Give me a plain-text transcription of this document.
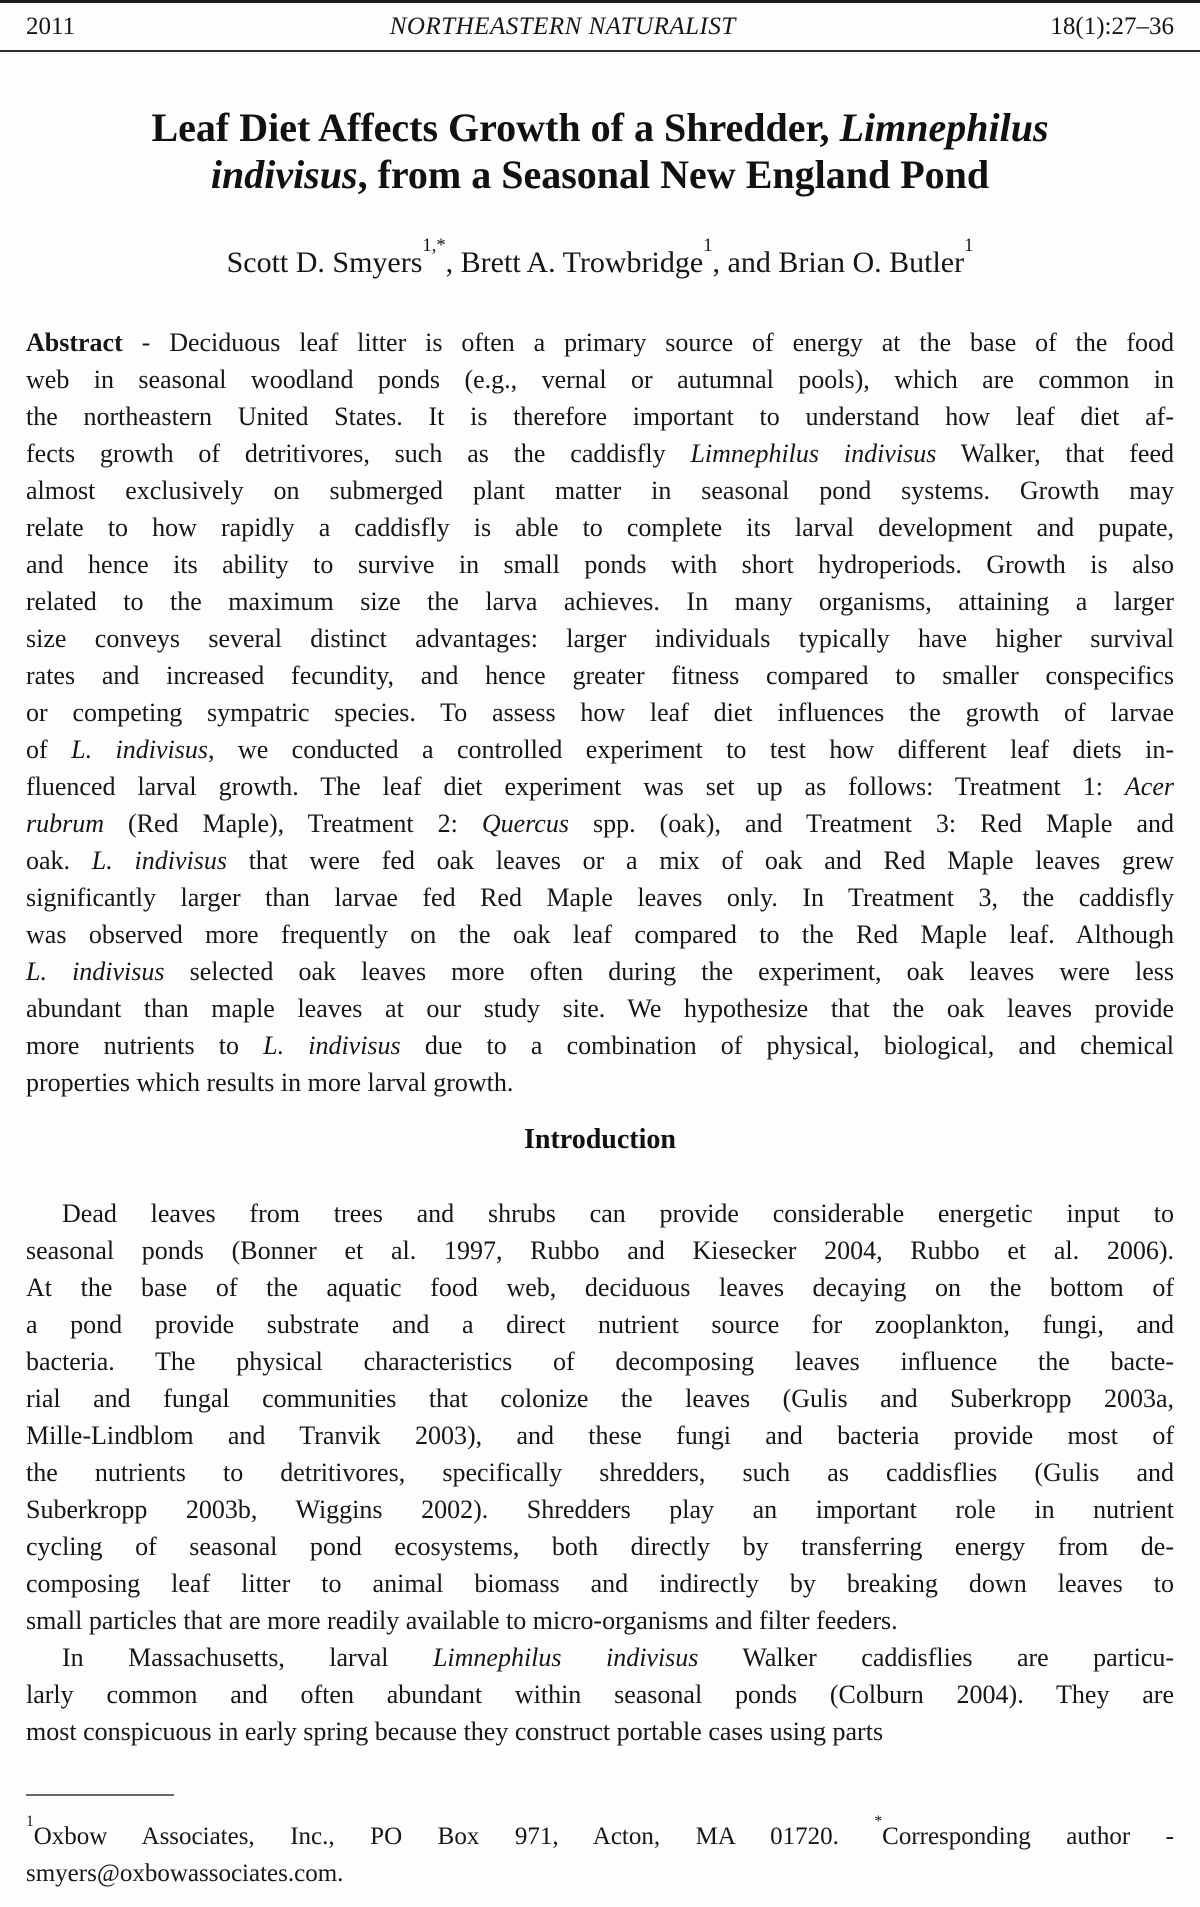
2011	NORTHEASTERN NATURALIST	18(1):27–36
Leaf Diet Affects Growth of a Shredder, Limnephilus
indivisus, from a Seasonal New England Pond
Scott D. Smyers$^{1,*}$, Brett A. Trowbridge$^1$, and Brian O. Butler$^1$
Abstract - Deciduous leaf litter is often a primary source of energy at the base of the food
web in seasonal woodland ponds (e.g., vernal or autumnal pools), which are common in
the northeastern United States. It is therefore important to understand how leaf diet af-
fects growth of detritivores, such as the caddisfly Limnephilus indivisus Walker, that feed
almost exclusively on submerged plant matter in seasonal pond systems. Growth may
relate to how rapidly a caddisfly is able to complete its larval development and pupate,
and hence its ability to survive in small ponds with short hydroperiods. Growth is also
related to the maximum size the larva achieves. In many organisms, attaining a larger
size conveys several distinct advantages: larger individuals typically have higher survival
rates and increased fecundity, and hence greater fitness compared to smaller conspecifics
or competing sympatric species. To assess how leaf diet influences the growth of larvae
of L. indivisus, we conducted a controlled experiment to test how different leaf diets in-
fluenced larval growth. The leaf diet experiment was set up as follows: Treatment 1: Acer
rubrum (Red Maple), Treatment 2: Quercus spp. (oak), and Treatment 3: Red Maple and
oak. L. indivisus that were fed oak leaves or a mix of oak and Red Maple leaves grew
significantly larger than larvae fed Red Maple leaves only. In Treatment 3, the caddisfly
was observed more frequently on the oak leaf compared to the Red Maple leaf. Although
L. indivisus selected oak leaves more often during the experiment, oak leaves were less
abundant than maple leaves at our study site. We hypothesize that the oak leaves provide
more nutrients to L. indivisus due to a combination of physical, biological, and chemical
properties which results in more larval growth.
Introduction
Dead leaves from trees and shrubs can provide considerable energetic input to
seasonal ponds (Bonner et al. 1997, Rubbo and Kiesecker 2004, Rubbo et al. 2006).
At the base of the aquatic food web, deciduous leaves decaying on the bottom of
a pond provide substrate and a direct nutrient source for zooplankton, fungi, and
bacteria. The physical characteristics of decomposing leaves influence the bacte-
rial and fungal communities that colonize the leaves (Gulis and Suberkropp 2003a,
Mille-Lindblom and Tranvik 2003), and these fungi and bacteria provide most of
the nutrients to detritivores, specifically shredders, such as caddisflies (Gulis and
Suberkropp 2003b, Wiggins 2002). Shredders play an important role in nutrient
cycling of seasonal pond ecosystems, both directly by transferring energy from de-
composing leaf litter to animal biomass and indirectly by breaking down leaves to
small particles that are more readily available to micro-organisms and filter feeders.
In Massachusetts, larval Limnephilus indivisus Walker caddisflies are particu-
larly common and often abundant within seasonal ponds (Colburn 2004). They are
most conspicuous in early spring because they construct portable cases using parts
$^1$Oxbow Associates, Inc., PO Box 971, Acton, MA 01720. *Corresponding author -
smyers@oxbowassociates.com.
